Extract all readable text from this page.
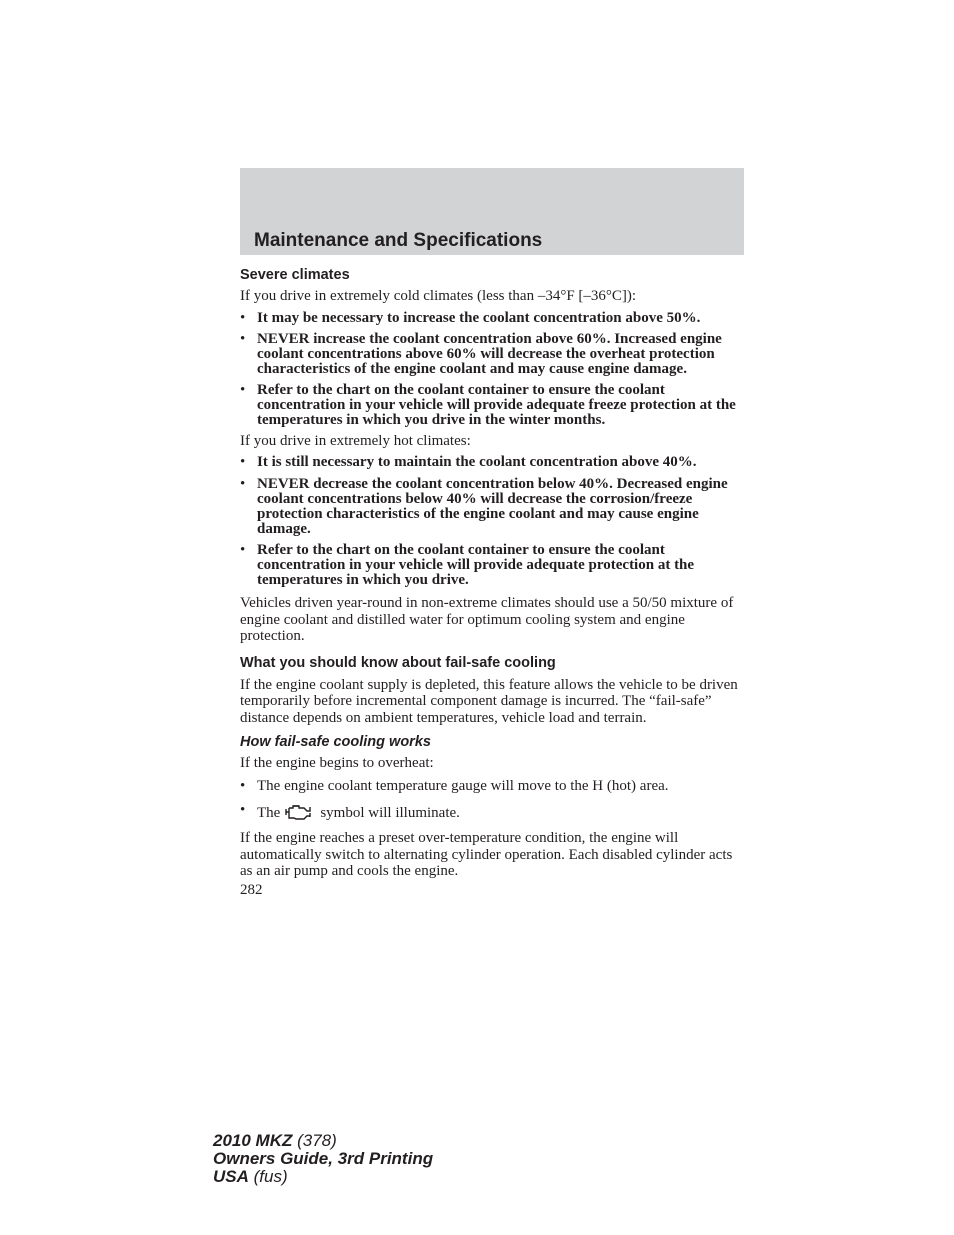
Maintenance and Specifications

Severe climates

If you drive in extremely cold climates (less than –34°F [–36°C]):

• It may be necessary to increase the coolant concentration above 50%.
• NEVER increase the coolant concentration above 60%. Increased engine coolant concentrations above 60% will decrease the overheat protection characteristics of the engine coolant and may cause engine damage.
• Refer to the chart on the coolant container to ensure the coolant concentration in your vehicle will provide adequate freeze protection at the temperatures in which you drive in the winter months.

If you drive in extremely hot climates:

• It is still necessary to maintain the coolant concentration above 40%.
• NEVER decrease the coolant concentration below 40%. Decreased engine coolant concentrations below 40% will decrease the corrosion/freeze protection characteristics of the engine coolant and may cause engine damage.
• Refer to the chart on the coolant container to ensure the coolant concentration in your vehicle will provide adequate protection at the temperatures in which you drive.

Vehicles driven year-round in non-extreme climates should use a 50/50 mixture of engine coolant and distilled water for optimum cooling system and engine protection.

What you should know about fail-safe cooling

If the engine coolant supply is depleted, this feature allows the vehicle to be driven temporarily before incremental component damage is incurred. The “fail-safe” distance depends on ambient temperatures, vehicle load and terrain.

How fail-safe cooling works

If the engine begins to overheat:

• The engine coolant temperature gauge will move to the H (hot) area.
• The	symbol will illuminate.

If the engine reaches a preset over-temperature condition, the engine will automatically switch to alternating cylinder operation. Each disabled cylinder acts as an air pump and cools the engine.

282

2010 MKZ (378)
Owners Guide, 3rd Printing
USA (fus)
